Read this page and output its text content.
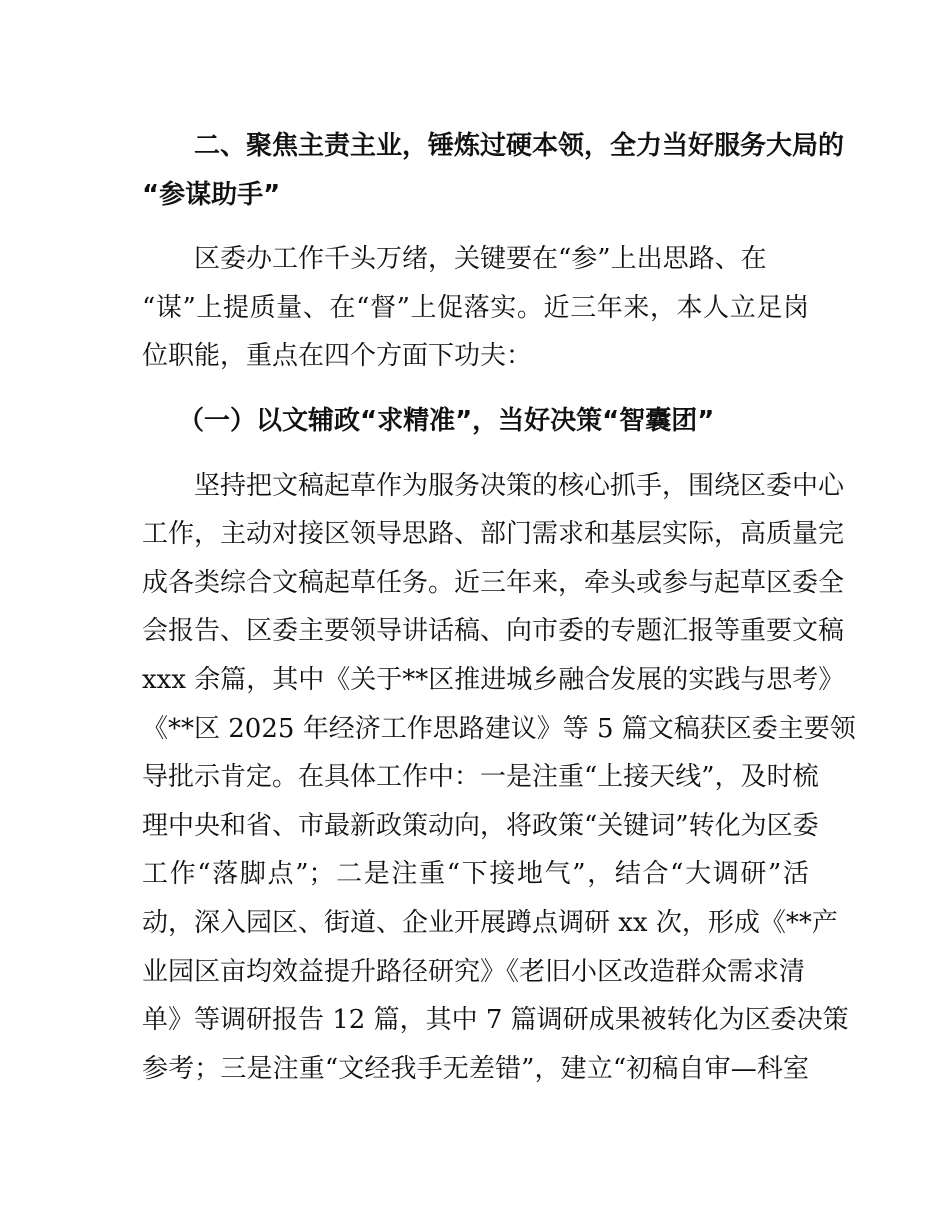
二、聚焦主责主业，锤炼过硬本领，全力当好服务大局的
“参谋助手”
区委办工作千头万绪，关键要在“参”上出思路、在
“谋”上提质量、在“督”上促落实。近三年来，本人立足岗
位职能，重点在四个方面下功夫：
（一）以文辅政“求精准”，当好决策“智囊团”
坚持把文稿起草作为服务决策的核心抓手，围绕区委中心
工作，主动对接区领导思路、部门需求和基层实际，高质量完
成各类综合文稿起草任务。近三年来，牵头或参与起草区委全
会报告、区委主要领导讲话稿、向市委的专题汇报等重要文稿
xxx 余篇，其中《关于**区推进城乡融合发展的实践与思考》
《**区 2025 年经济工作思路建议》等 5 篇文稿获区委主要领
导批示肯定。在具体工作中：一是注重“上接天线”，及时梳
理中央和省、市最新政策动向，将政策“关键词”转化为区委
工作“落脚点”；二是注重“下接地气”，结合“大调研”活
动，深入园区、街道、企业开展蹲点调研 xx 次，形成《**产
业园区亩均效益提升路径研究》《老旧小区改造群众需求清
单》等调研报告 12 篇，其中 7 篇调研成果被转化为区委决策
参考；三是注重“文经我手无差错”，建立“初稿自审—科室
